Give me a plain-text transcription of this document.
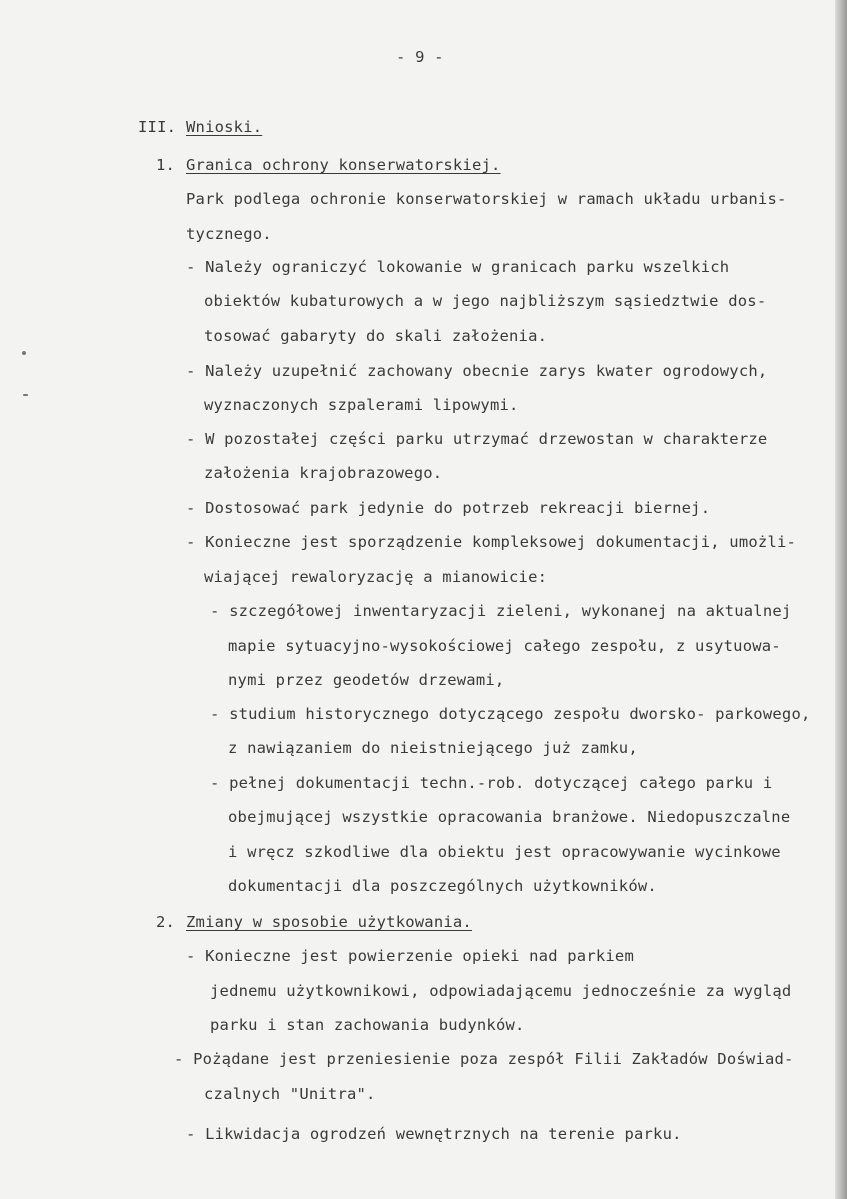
- 9 -
III. Wnioski.
1. Granica ochrony konserwatorskiej.
Park podlega ochronie konserwatorskiej w ramach układu urbanis-
tycznego.
- Należy ograniczyć lokowanie w granicach parku wszelkich
obiektów kubaturowych a w jego najbliższym sąsiedztwie dos-
tosować gabaryty do skali założenia.
- Należy uzupełnić zachowany obecnie zarys kwater ogrodowych,
wyznaczonych szpalerami lipowymi.
- W pozostałej części parku utrzymać drzewostan w charakterze
założenia krajobrazowego.
- Dostosować park jedynie do potrzeb rekreacji biernej.
- Konieczne jest sporządzenie kompleksowej dokumentacji, umożli-
wiającej rewaloryzację a mianowicie:
- szczegółowej inwentaryzacji zieleni, wykonanej na aktualnej
mapie sytuacyjno-wysokościowej całego zespołu, z usytuowa-
nymi przez geodetów drzewami,
- studium historycznego dotyczącego zespołu dworsko- parkowego,
z nawiązaniem do nieistniejącego już zamku,
- pełnej dokumentacji techn.-rob. dotyczącej całego parku i
obejmującej wszystkie opracowania branżowe. Niedopuszczalne
i wręcz szkodliwe dla obiektu jest opracowywanie wycinkowe
dokumentacji dla poszczególnych użytkowników.
2. Zmiany w sposobie użytkowania.
- Konieczne jest powierzenie opieki nad parkiem
jednemu użytkownikowi, odpowiadającemu jednocześnie za wygląd
parku i stan zachowania budynków.
- Pożądane jest przeniesienie poza zespół Filii Zakładów Doświad-
czalnych "Unitra".
- Likwidacja ogrodzeń wewnętrznych na terenie parku.
